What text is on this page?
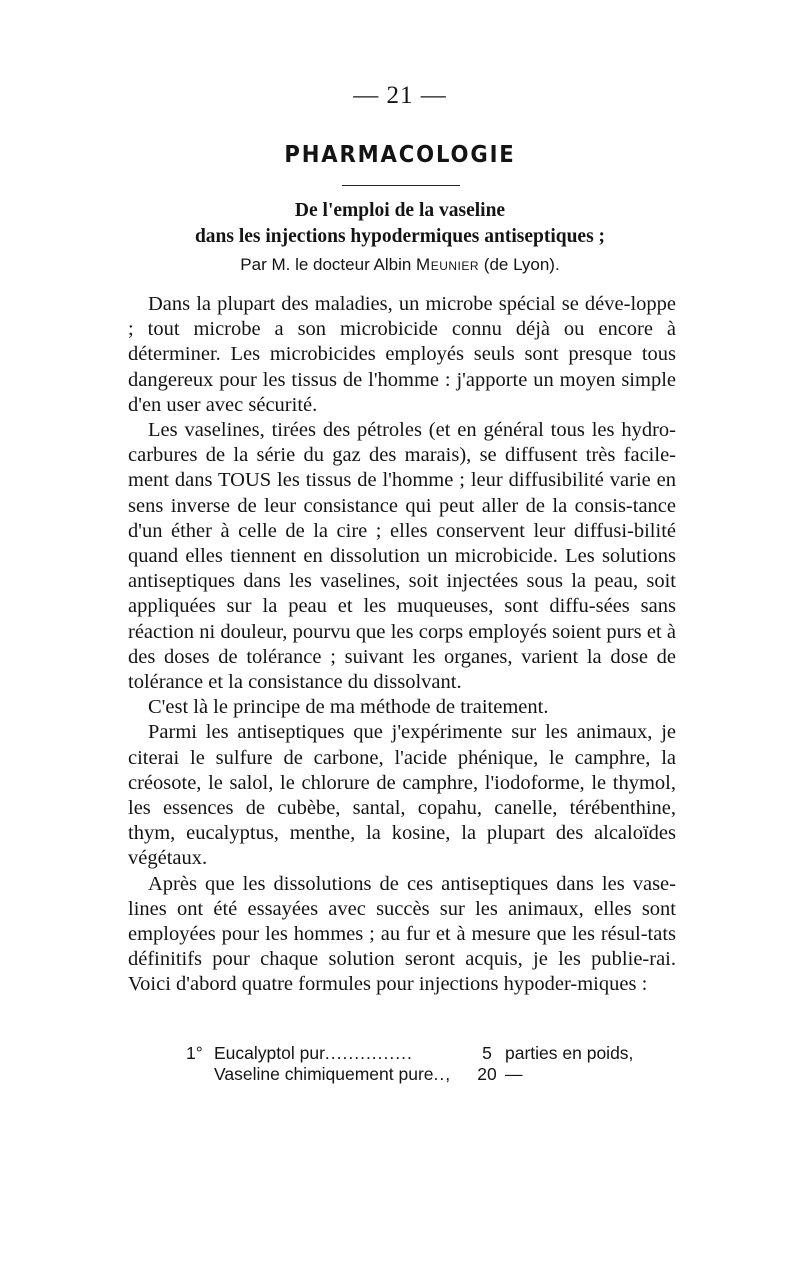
— 21 —
PHARMACOLOGIE
De l'emploi de la vaseline
dans les injections hypodermiques antiseptiques ;
Par M. le docteur Albin Meunier (de Lyon).

Dans la plupart des maladies, un microbe spécial se déve-loppe ; tout microbe a son microbicide connu déjà ou encore à déterminer. Les microbicides employés seuls sont presque tous dangereux pour les tissus de l'homme : j'apporte un moyen simple d'en user avec sécurité.

Les vaselines, tirées des pétroles (et en général tous les hydro-carbures de la série du gaz des marais), se diffusent très facile-ment dans TOUS les tissus de l'homme ; leur diffusibilité varie en sens inverse de leur consistance qui peut aller de la consis-tance d'un éther à celle de la cire ; elles conservent leur diffusi-bilité quand elles tiennent en dissolution un microbicide. Les solutions antiseptiques dans les vaselines, soit injectées sous la peau, soit appliquées sur la peau et les muqueuses, sont diffu-sées sans réaction ni douleur, pourvu que les corps employés soient purs et à des doses de tolérance ; suivant les organes, varient la dose de tolérance et la consistance du dissolvant.

C'est là le principe de ma méthode de traitement.

Parmi les antiseptiques que j'expérimente sur les animaux, je citerai le sulfure de carbone, l'acide phénique, le camphre, la créosote, le salol, le chlorure de camphre, l'iodoforme, le thymol, les essences de cubèbe, santal, copahu, canelle, térébenthine, thym, eucalyptus, menthe, la kosine, la plupart des alcaloïdes végétaux.

Après que les dissolutions de ces antiseptiques dans les vase-lines ont été essayées avec succès sur les animaux, elles sont employées pour les hommes ; au fur et à mesure que les résul-tats définitifs pour chaque solution seront acquis, je les publie-rai. Voici d'abord quatre formules pour injections hypoder-miques :

1° Eucalyptol pur...............	5 parties en poids,
Vaseline chimiquement pure..,	20 —
